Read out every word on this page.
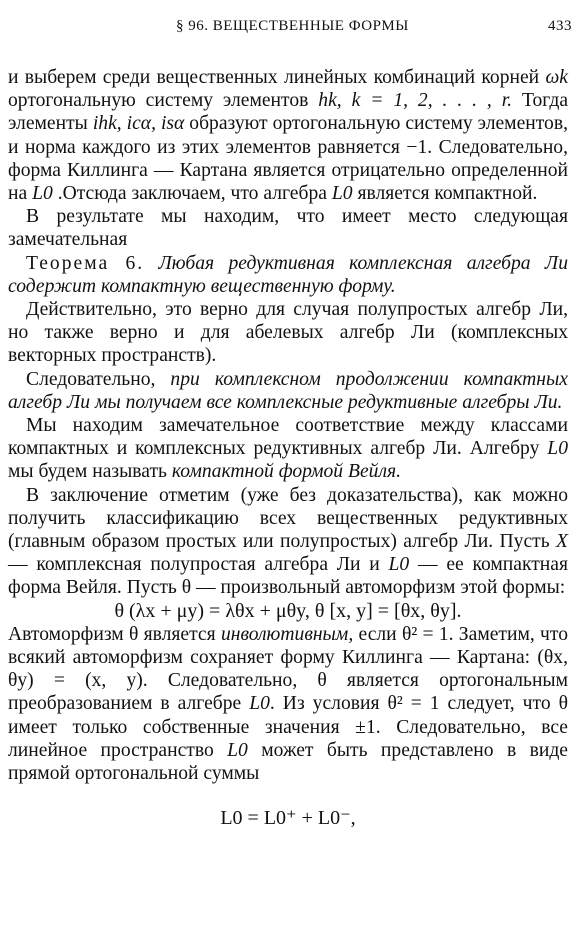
§ 96. ВЕЩЕСТВЕННЫЕ ФОРМЫ	433

и выберем среди вещественных линейных комбинаций корней ωk ортогональную систему элементов hk, k = 1, 2, . . . , r. Тогда элементы ihk, icα, isα образуют ортогональную систему элементов, и норма каждого из этих элементов равняется −1. Следовательно, форма Киллинга — Картана является отрицательно определенной на L0 .Отсюда заключаем, что алгебра L0 является компактной.

В результате мы находим, что имеет место следующая замечательная

Теорема 6. Любая редуктивная комплексная алгебра Ли содержит компактную вещественную форму.

Действительно, это верно для случая полупростых алгебр Ли, но также верно и для абелевых алгебр Ли (комплексных векторных пространств).

Следовательно, при комплексном продолжении компактных алгебр Ли мы получаем все комплексные редуктивные алгебры Ли.

Мы находим замечательное соответствие между классами компактных и комплексных редуктивных алгебр Ли. Алгебру L0 мы будем называть компактной формой Вейля.

В заключение отметим (уже без доказательства), как можно получить классификацию всех вещественных редуктивных (главным образом простых или полупростых) алгебр Ли. Пусть X — комплексная полупростая алгебра Ли и L0 — ее компактная форма Вейля. Пусть θ — произвольный автоморфизм этой формы:

θ (λx + μy) = λθx + μθy, θ [x, y] = [θx, θy].

Автоморфизм θ является инволютивным, если θ² = 1. Заметим, что всякий автоморфизм сохраняет форму Киллинга — Картана: (θx, θy) = (x, y). Следовательно, θ является ортогональным преобразованием в алгебре L0. Из условия θ² = 1 следует, что θ имеет только собственные значения ±1. Следовательно, все линейное пространство L0 может быть представлено в виде прямой ортогональной суммы

L0 = L0⁺ + L0⁻,
